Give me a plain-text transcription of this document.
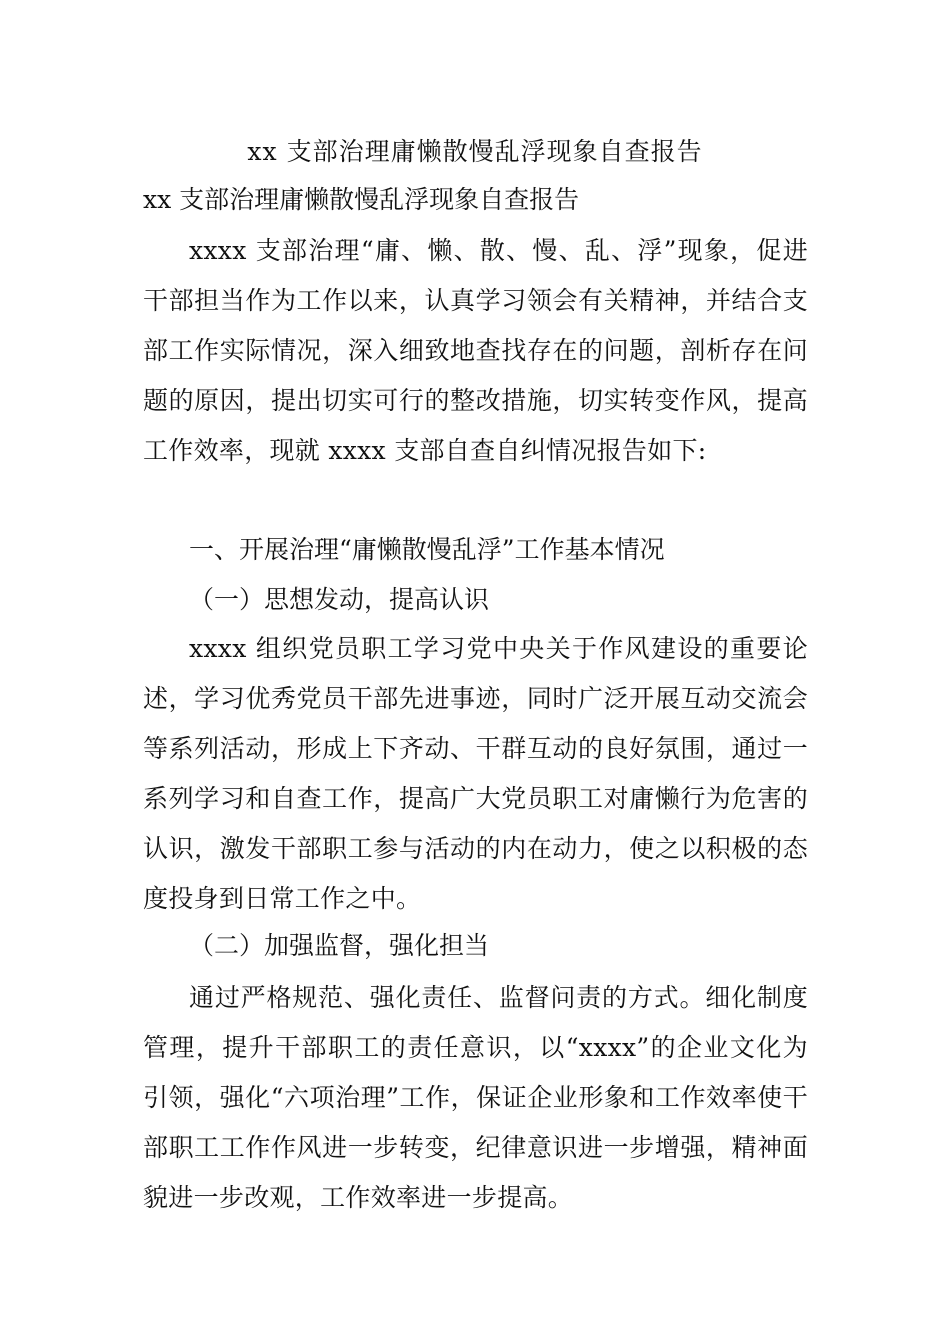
xx 支部治理庸懒散慢乱浮现象自查报告

xx 支部治理庸懒散慢乱浮现象自查报告

xxxx 支部治理“庸、懒、散、慢、乱、浮”现象，促进干部担当作为工作以来，认真学习领会有关精神，并结合支部工作实际情况，深入细致地查找存在的问题，剖析存在问题的原因，提出切实可行的整改措施，切实转变作风，提高工作效率，现就 xxxx 支部自查自纠情况报告如下:

一、开展治理“庸懒散慢乱浮”工作基本情况

（一）思想发动，提高认识

xxxx 组织党员职工学习党中央关于作风建设的重要论述，学习优秀党员干部先进事迹，同时广泛开展互动交流会等系列活动，形成上下齐动、干群互动的良好氛围，通过一系列学习和自查工作，提高广大党员职工对庸懒行为危害的认识，激发干部职工参与活动的内在动力，使之以积极的态度投身到日常工作之中。

（二）加强监督，强化担当

通过严格规范、强化责任、监督问责的方式。细化制度管理，提升干部职工的责任意识，以“xxxx”的企业文化为引领，强化“六项治理”工作，保证企业形象和工作效率使干部职工工作作风进一步转变，纪律意识进一步增强，精神面貌进一步改观，工作效率进一步提高。
